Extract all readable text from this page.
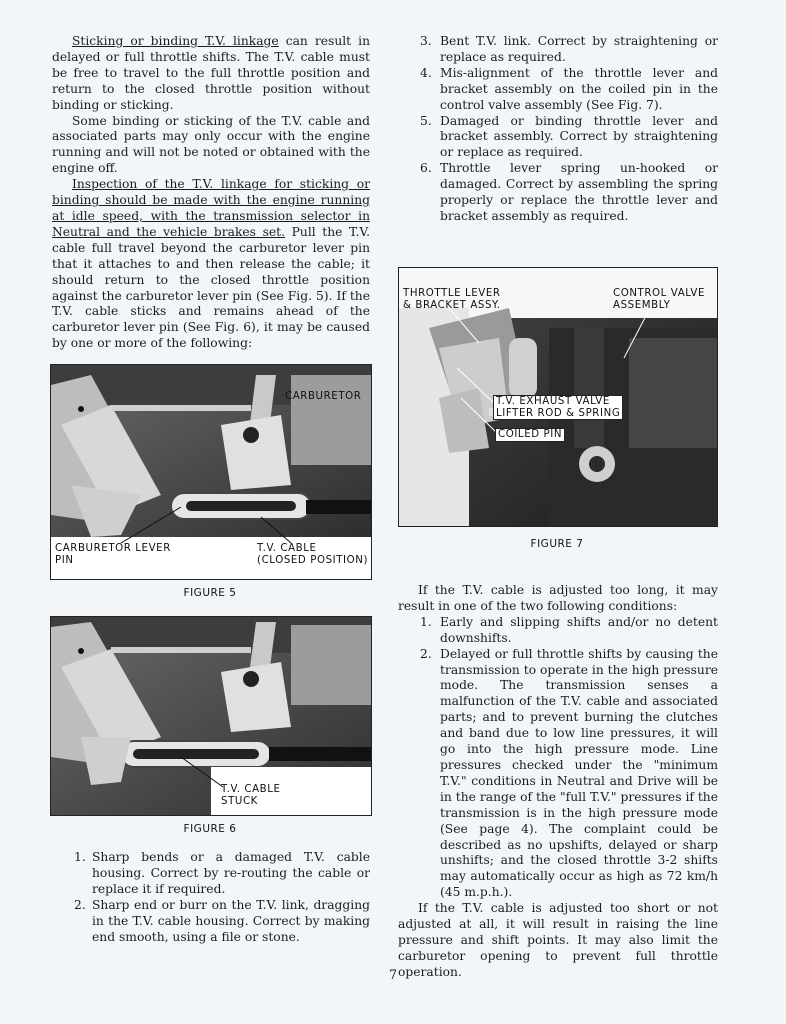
Sticking or binding T.V. linkage can result in delayed or full throttle shifts. The T.V. cable must be free to travel to the full throttle position and return to the closed throttle position without binding or sticking.

Some binding or sticking of the T.V. cable and associated parts may only occur with the engine running and will not be noted or obtained with the engine off.

Inspection of the T.V. linkage for sticking or binding should be made with the engine running at idle speed, with the transmission selector in Neutral and the vehicle brakes set. Pull the T.V. cable full travel beyond the carburetor lever pin that it attaches to and then release the cable; it should return to the closed throttle position against the carburetor lever pin (See Fig. 5). If the T.V. cable sticks and remains ahead of the carburetor lever pin (See Fig. 6), it may be caused by one or more of the following:

CARBURETOR
CARBURETOR LEVER
PIN
T.V. CABLE
(CLOSED POSITION)
FIGURE 5
T.V. CABLE
STUCK
FIGURE 6
1. Sharp bends or a damaged T.V. cable housing. Correct by re-routing the cable or replace it if required.
2. Sharp end or burr on the T.V. link, dragging in the T.V. cable housing. Correct by making end smooth, using a file or stone.
3. Bent T.V. link. Correct by straightening or replace as required.
4. Mis-alignment of the throttle lever and bracket assembly on the coiled pin in the control valve assembly (See Fig. 7).
5. Damaged or binding throttle lever and bracket assembly. Correct by straightening or replace as required.
6. Throttle lever spring un-hooked or damaged. Correct by assembling the spring properly or replace the throttle lever and bracket assembly as required.
THROTTLE LEVER
& BRACKET ASSY.
CONTROL VALVE
ASSEMBLY
T.V. EXHAUST VALVE
LIFTER ROD & SPRING
COILED PIN
FIGURE 7

If the T.V. cable is adjusted too long, it may result in one of the two following conditions:

1. Early and slipping shifts and/or no detent downshifts.
2. Delayed or full throttle shifts by causing the transmission to operate in the high pressure mode. The transmission senses a malfunction of the T.V. cable and associated parts; and to prevent burning the clutches and band due to low line pressures, it will go into the high pressure mode. Line pressures checked under the "minimum T.V." conditions in Neutral and Drive will be in the range of the "full T.V." pressures if the transmission is in the high pressure mode (See page 4). The complaint could be described as no upshifts, delayed or sharp unshifts; and the closed throttle 3-2 shifts may automatically occur as high as 72 km/h (45 m.p.h.).

If the T.V. cable is adjusted too short or not adjusted at all, it will result in raising the line pressure and shift points. It may also limit the carburetor opening to prevent full throttle operation.

7
